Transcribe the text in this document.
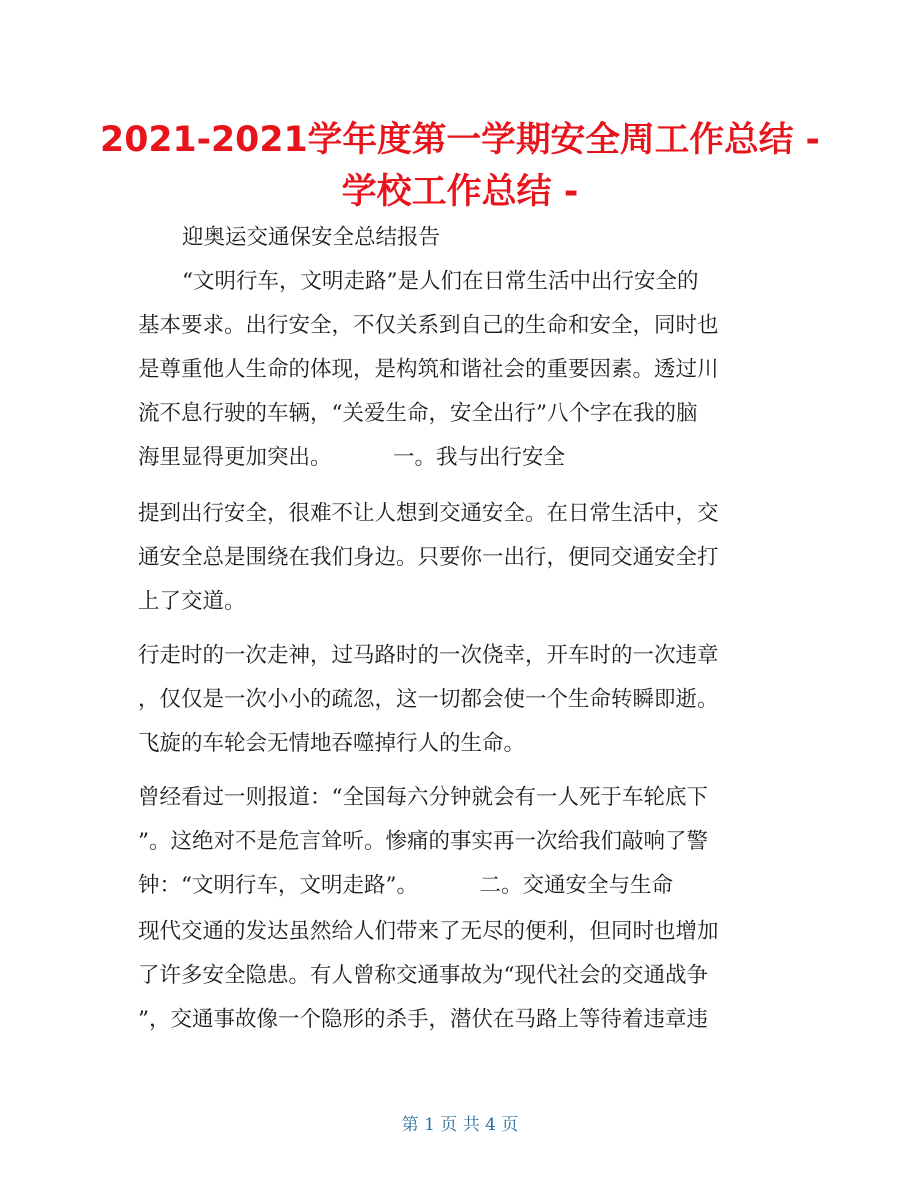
2021-2021学年度第一学期安全周工作总结 -
学校工作总结 -
迎奥运交通保安全总结报告
“文明行车，文明走路”是人们在日常生活中出行安全的
基本要求。出行安全，不仅关系到自己的生命和安全，同时也
是尊重他人生命的体现，是构筑和谐社会的重要因素。透过川
流不息行驶的车辆，“关爱生命，安全出行”八个字在我的脑
海里显得更加突出。         一。我与出行安全
提到出行安全，很难不让人想到交通安全。在日常生活中，交
通安全总是围绕在我们身边。只要你一出行，便同交通安全打
上了交道。
行走时的一次走神，过马路时的一次侥幸，开车时的一次违章
，仅仅是一次小小的疏忽，这一切都会使一个生命转瞬即逝。
飞旋的车轮会无情地吞噬掉行人的生命。
曾经看过一则报道：“全国每六分钟就会有一人死于车轮底下
”。这绝对不是危言耸听。惨痛的事实再一次给我们敲响了警
钟：“文明行车，文明走路”。         二。交通安全与生命
现代交通的发达虽然给人们带来了无尽的便利，但同时也增加
了许多安全隐患。有人曾称交通事故为“现代社会的交通战争
”，交通事故像一个隐形的杀手，潜伏在马路上等待着违章违
第 1 页 共 4 页
